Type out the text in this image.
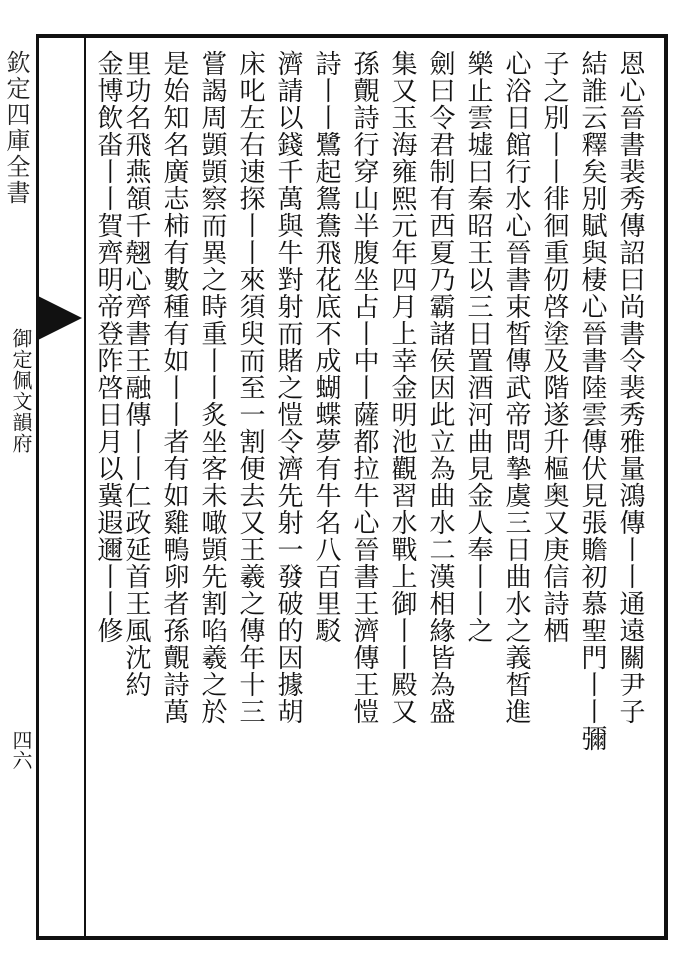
欽定四庫全書
御定佩文韻府
四六
恩心晉書裴秀傳詔曰尚書令裴秀雅量鴻傳丨丨通遠關尹子
結誰云釋矣別賦與棲心晉書陸雲傳伏見張贍初慕聖門丨丨彌
子之別丨丨徘徊重仞啓塗及階遂升樞奥又庚信詩栖
心浴日館行水心晉書束皙傳武帝問摯虞三日曲水之義皙進
樂止雲墟曰秦昭王以三日置酒河曲見金人奉丨丨之
劍曰令君制有西夏乃霸諸侯因此立為曲水二漢相緣皆為盛
集又玉海雍熙元年四月上幸金明池觀習水戰上御丨丨殿又
孫覿詩行穿山半腹坐占丨中丨薩都拉牛心晉書王濟傳王愷
詩丨丨鷺起鴛鴦飛花底不成蝴蝶夢有牛名八百里駁
濟請以錢千萬與牛對射而賭之愷令濟先射一發破的因據胡
床叱左右速探丨丨來須臾而至一割便去又王羲之傳年十三
嘗謁周顗顗察而異之時重丨丨炙坐客未噉顗先割啗羲之於
是始知名廣志柿有數種有如丨丨者有如雞鴨卵者孫覿詩萬
里功名飛燕頷千翹心齊書王融傳丨丨仁政延首王風沈約
金博飲畓丨丨賀齊明帝登阼啓日月以冀遐邇丨丨修
